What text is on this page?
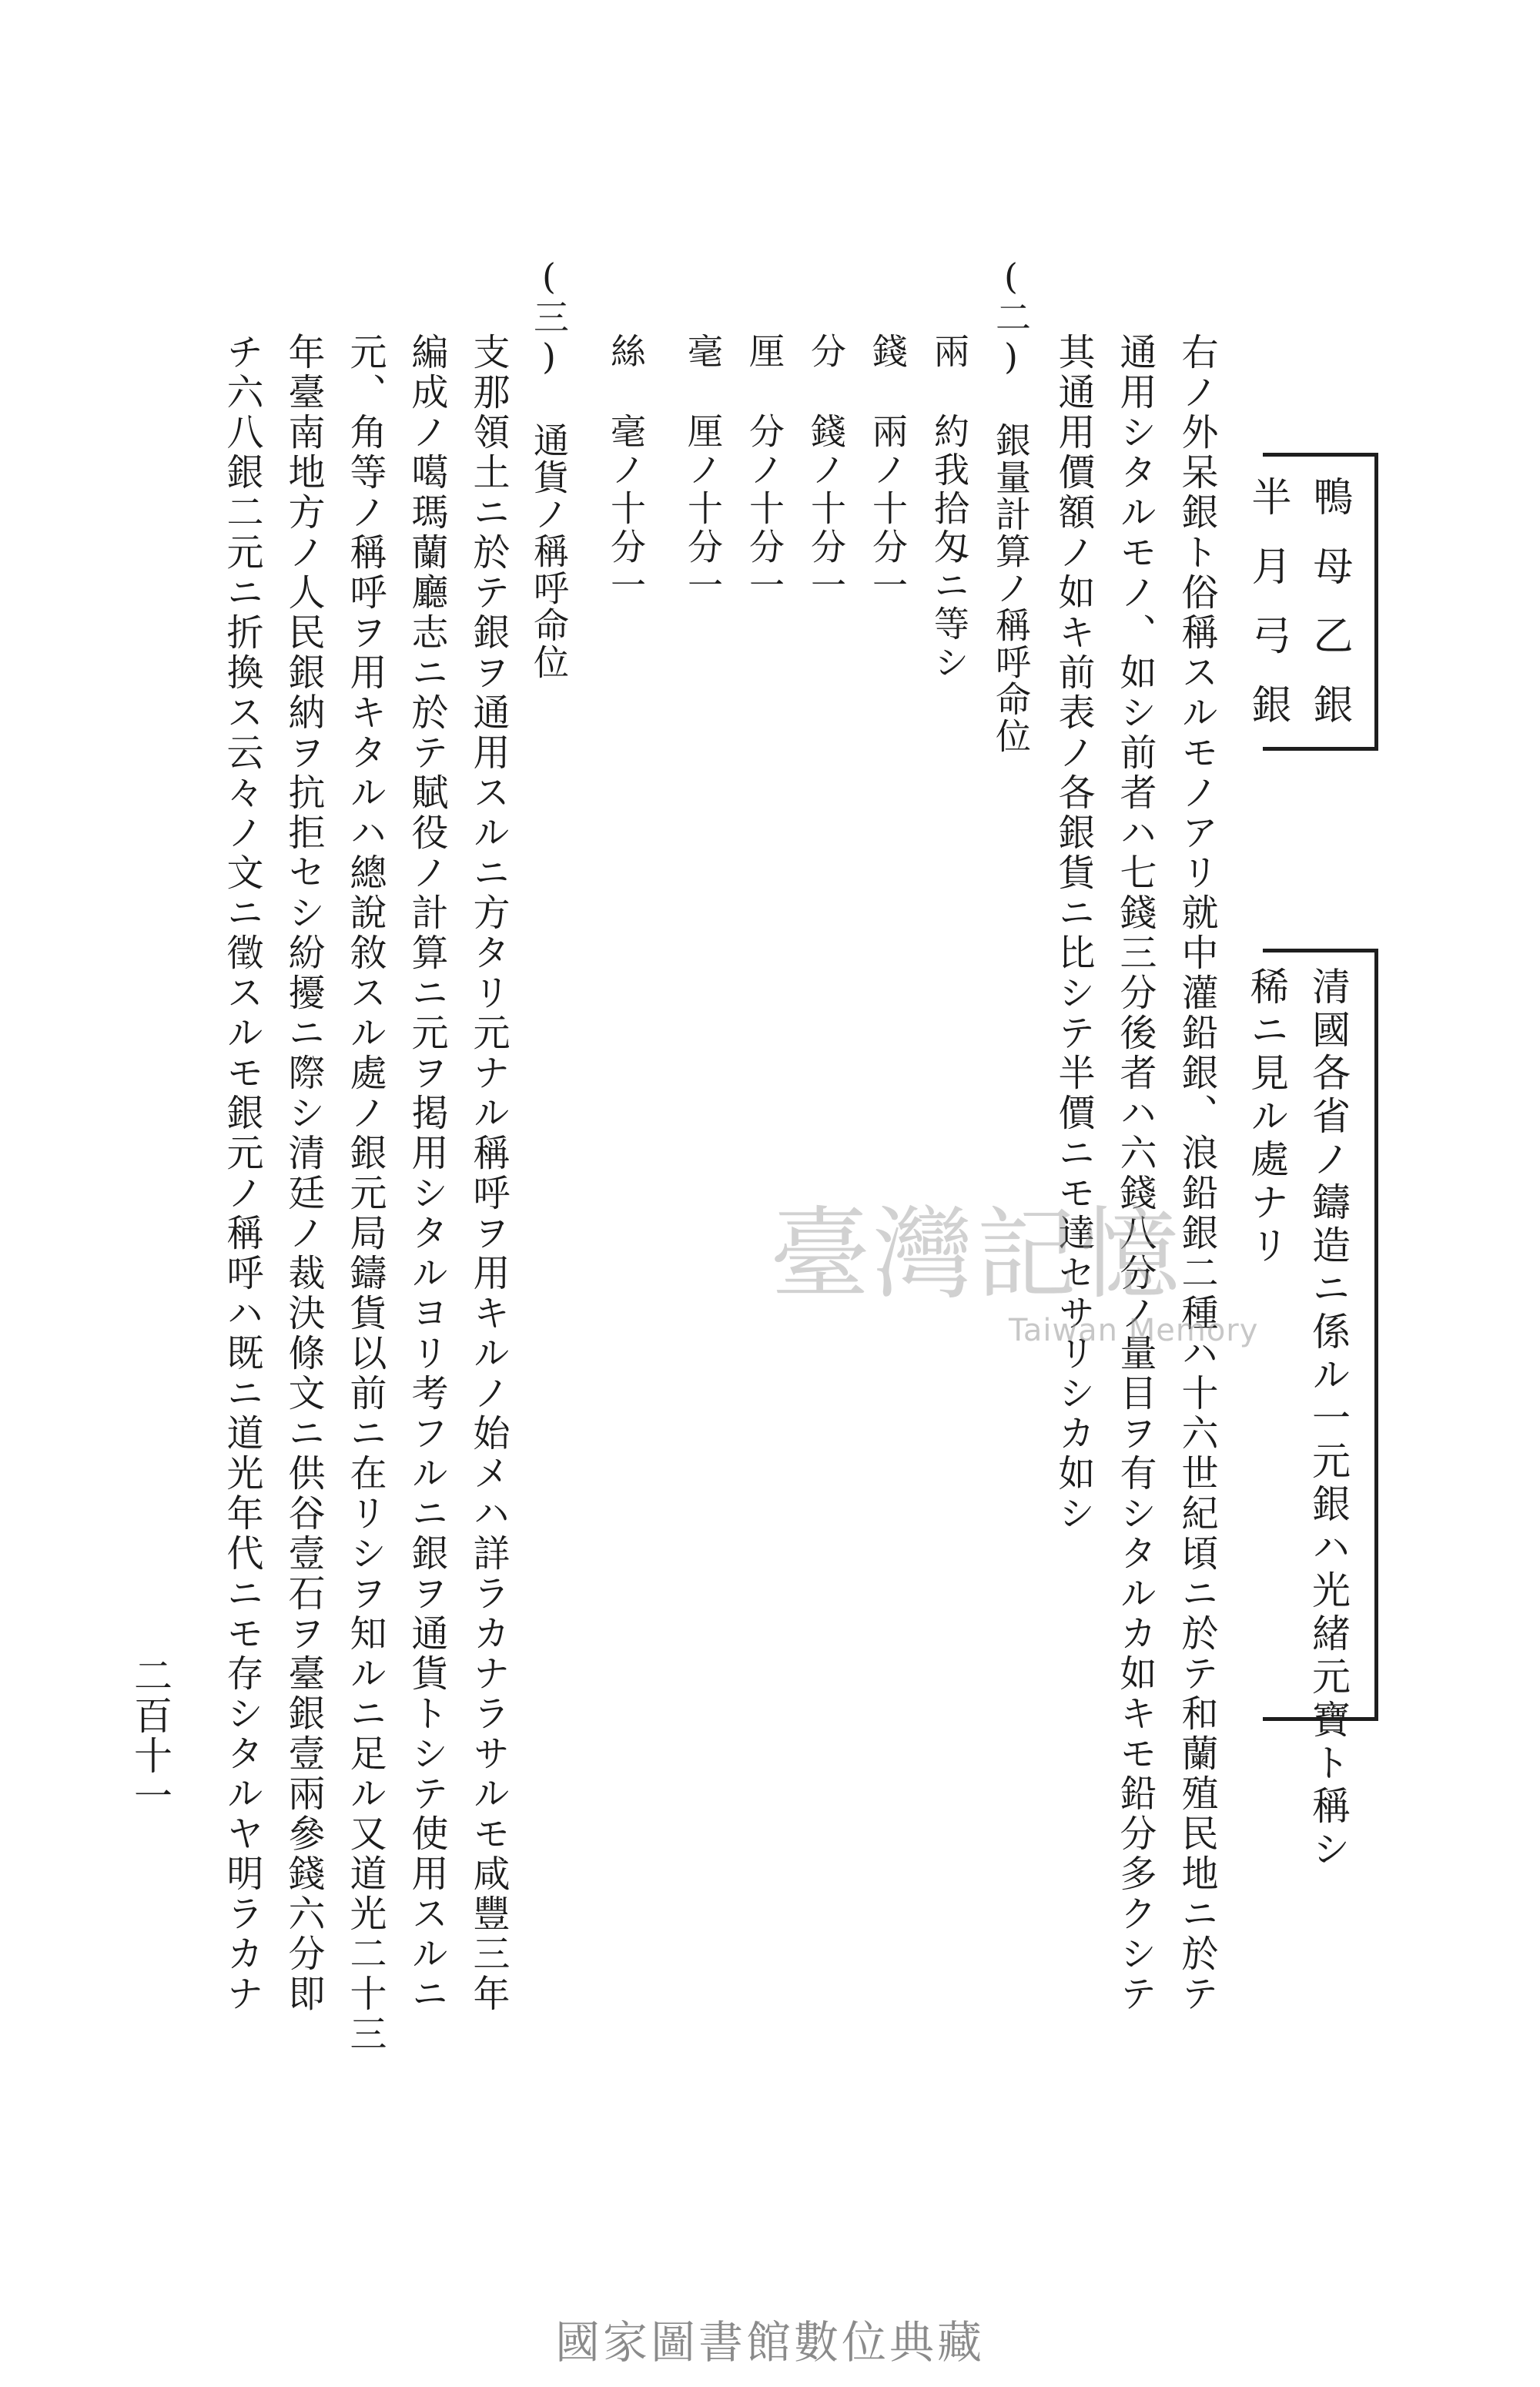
鴨母乙銀
半月弓銀
清國各省ノ鑄造ニ係ル一元銀ハ光緒元寶ト稱シ
稀ニ見ル處ナリ
右ノ外呆銀ト俗稱スルモノアリ就中灌鉛銀、浪鉛銀二種ハ十六世紀頃ニ於テ和蘭殖民地ニ於テ
通用シタルモノ、如シ前者ハ七錢三分後者ハ六錢八分ノ量目ヲ有シタルカ如キモ鉛分多クシテ
其通用價額ノ如キ前表ノ各銀貨ニ比シテ半價ニモ達セサリシカ如シ
(二) 銀量計算ノ稱呼命位
兩
約我拾匁ニ等シ
錢
兩ノ十分一
分
錢ノ十分一
厘
分ノ十分一
毫
厘ノ十分一
絲
毫ノ十分一
(三) 通貨ノ稱呼命位
支那領土ニ於テ銀ヲ通用スルニ方タリ元ナル稱呼ヲ用キルノ始メハ詳ラカナラサルモ咸豐三年
編成ノ噶瑪蘭廳志ニ於テ賦役ノ計算ニ元ヲ掲用シタルヨリ考フルニ銀ヲ通貨トシテ使用スルニ
元、角等ノ稱呼ヲ用キタルハ總說敘スル處ノ銀元局鑄貨以前ニ在リシヲ知ルニ足ル又道光二十三
年臺南地方ノ人民銀納ヲ抗拒セシ紛擾ニ際シ清廷ノ裁決條文ニ供谷壹石ヲ臺銀壹兩參錢六分即
チ六八銀二元ニ折換ス云々ノ文ニ徵スルモ銀元ノ稱呼ハ既ニ道光年代ニモ存シタルヤ明ラカナ
二百十一
臺灣記憶
Taiwan Memory
國家圖書館數位典藏
